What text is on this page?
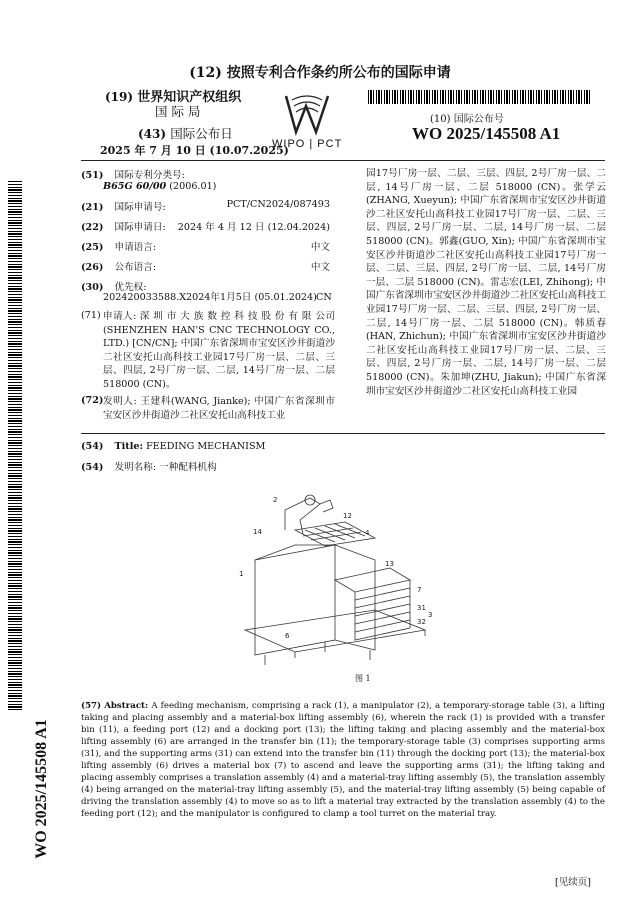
(12) 按照专利合作条约所公布的国际申请
(19) 世界知识产权组织
国 际 局
(43) 国际公布日
2025 年 7 月 10 日 (10.07.2025)
WIPO | PCT
(10) 国际公布号
WO 2025/145508 A1
(51) 国际专利分类号:
B65G 60/00 (2006.01)
(21) 国际申请号:	PCT/CN2024/087493
(22) 国际申请日:	2024 年 4 月 12 日 (12.04.2024)
(25) 申请语言:	中文
(26) 公布语言:	中文
(30) 优先权:
202420033588.X 2024年1月5日 (05.01.2024) CN
(71) 申请人: 深 圳 市 大 族 数 控 科 技 股 份 有 限 公司(SHENZHEN HAN'S CNC TECHNOLOGY CO., LTD.) [CN/CN]; 中国广东省深圳市宝安区沙井街道沙二社区安托山高科技工业园17号厂房一层、二层、三层、四层, 2号厂房一层、二层, 14号厂房一层、二层 518000 (CN)。
(72) 发明人: 王建科(WANG, Jianke); 中国广东省深圳市宝安区沙井街道沙二社区安托山高科技工业
园17号厂房一层、二层、三层、四层, 2号厂房一层、二层, 14号厂房一层、二层 518000 (CN)。张学云(ZHANG, Xueyun); 中国广东省深圳市宝安区沙井街道沙二社区安托山高科技工业园17号厂房一层、二层、三层、四层, 2号厂房一层、二层, 14号厂房一层、二层 518000 (CN)。郭鑫(GUO, Xin); 中国广东省深圳市宝安区沙井街道沙二社区安托山高科技工业园17号厂房一层、二层、三层、四层, 2号厂房一层、二层, 14号厂房一层、二层 518000 (CN)。雷志宏(LEI, Zhihong); 中国广东省深圳市宝安区沙井街道沙二社区安托山高科技工业园17号厂房一层、二层、三层、四层, 2号厂房一层、二层, 14号厂房一层、二层 518000 (CN)。韩质春(HAN, Zhichun); 中国广东省深圳市宝安区沙井街道沙二社区安托山高科技工业园17号厂房一层、二层、三层、四层, 2号厂房一层、二层, 14号厂房一层、二层 518000 (CN)。朱加坤(ZHU, Jiakun); 中国广东省深圳市宝安区沙井街道沙二社区安托山高科技工业园
(54) Title: FEEDING MECHANISM
(54) 发明名称: 一种配料机构
2
12
14	4
13
1
7
31
3
32
6
图 1
(57) Abstract: A feeding mechanism, comprising a rack (1), a manipulator (2), a temporary-storage table (3), a lifting taking and placing assembly and a material-box lifting assembly (6), wherein the rack (1) is provided with a transfer bin (11), a feeding port (12) and a docking port (13); the lifting taking and placing assembly and the material-box lifting assembly (6) are arranged in the transfer bin (11); the temporary-storage table (3) comprises supporting arms (31), and the supporting arms (31) can extend into the transfer bin (11) through the docking port (13); the material-box lifting assembly (6) drives a material box (7) to ascend and leave the supporting arms (31); the lifting taking and placing assembly comprises a translation assembly (4) and a material-tray lifting assembly (5), the translation assembly (4) being arranged on the material-tray lifting assembly (5), and the material-tray lifting assembly (5) being capable of driving the translation assembly (4) to move so as to lift a material tray extracted by the translation assembly (4) to the feeding port (12); and the manipulator is configured to clamp a tool turret on the material tray.
WO 2025/145508 A1
[见续页]
